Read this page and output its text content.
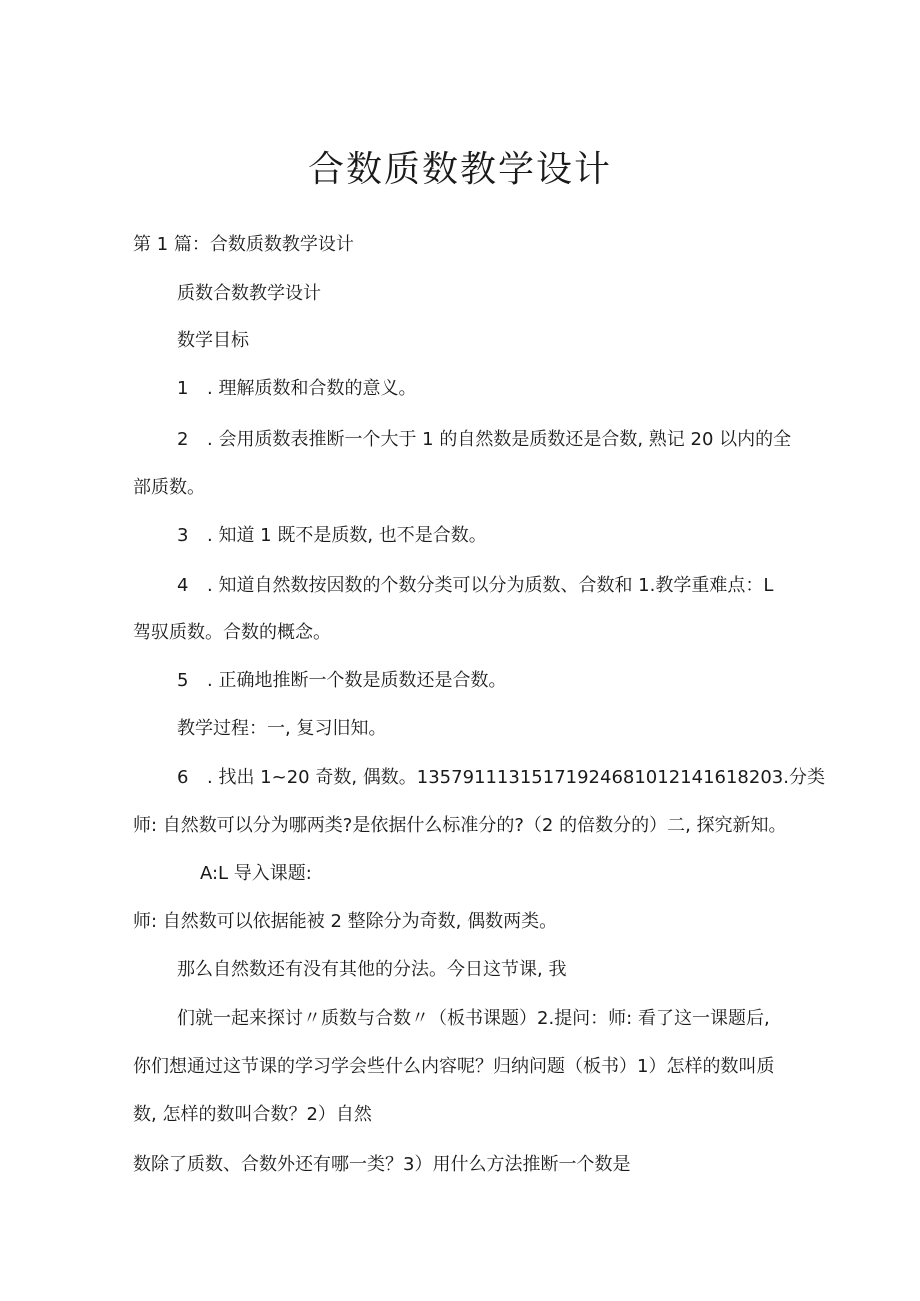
合数质数教学设计
第 1 篇：合数质数教学设计
质数合数教学设计
数学目标
1 . 理解质数和合数的意义。
2 . 会用质数表推断一个大于 1 的自然数是质数还是合数, 熟记 20 以内的全
部质数。
3 . 知道 1 既不是质数, 也不是合数。
4 . 知道自然数按因数的个数分类可以分为质数、合数和 1.教学重难点：L
驾驭质数。合数的概念。
5 . 正确地推断一个数是质数还是合数。
教学过程：一, 复习旧知。
6 . 找出 1~20 奇数, 偶数。13579111315171924681012141618203.分类
师: 自然数可以分为哪两类?是依据什么标准分的?（2 的倍数分的）二, 探究新知。
A:L 导入课题:
师: 自然数可以依据能被 2 整除分为奇数, 偶数两类。
那么自然数还有没有其他的分法。今日这节课, 我
们就一起来探讨〃质数与合数〃（板书课题）2.提问：师: 看了这一课题后,
你们想通过这节课的学习学会些什么内容呢？归纳问题（板书）1）怎样的数叫质
数, 怎样的数叫合数？2）自然
数除了质数、合数外还有哪一类？3）用什么方法推断一个数是
